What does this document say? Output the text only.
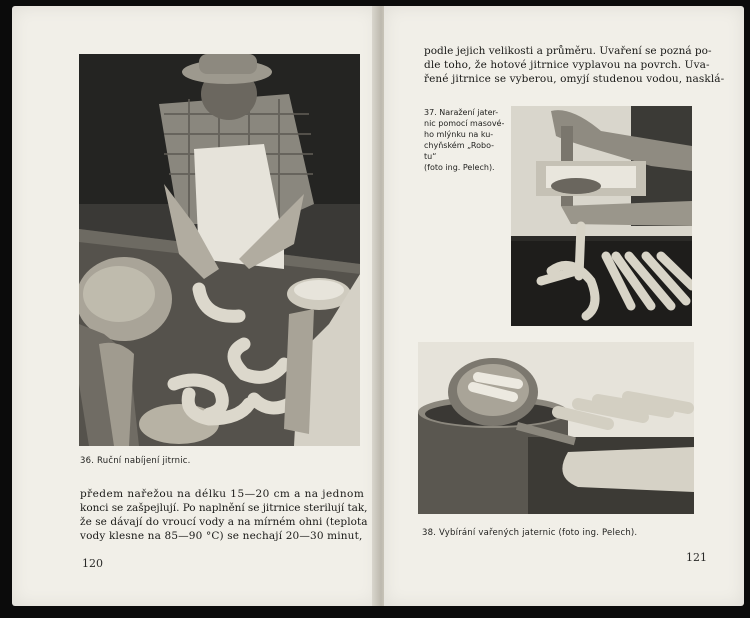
36. Ruční nabíjení jitrnic.
předem nařežou na délku 15—20 cm a na jednom
konci se zašpejlují. Po naplnění se jitrnice sterilují tak,
že se dávají do vroucí vody a na mírném ohni (teplota
vody klesne na 85—90 °C) se nechají 20—30 minut,
120
podle jejich velikosti a průměru. Uvaření se pozná po-
dle toho, že hotové jitrnice vyplavou na povrch. Uva-
řené jitrnice se vyberou, omyjí studenou vodou, nasklá-
37. Naražení jater-
nic pomocí masové-
ho mlýnku na ku-
chyňském „Robo-
tu“
(foto ing. Pelech).
38. Vybírání vařených jaternic (foto ing. Pelech).
121
